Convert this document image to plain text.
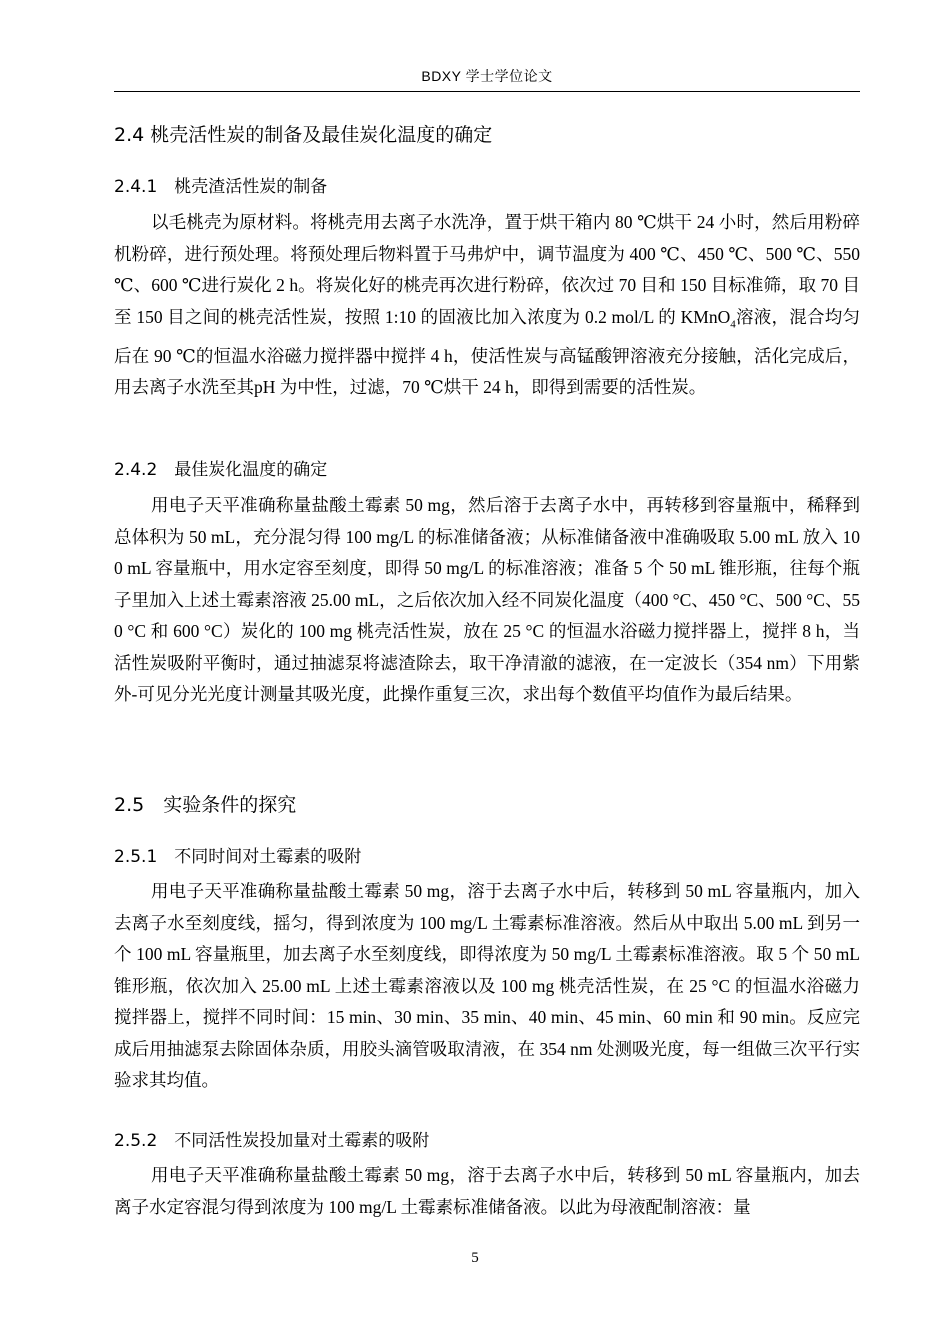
BDXY 学士学位论文
2.4 桃壳活性炭的制备及最佳炭化温度的确定
2.4.1　桃壳渣活性炭的制备
以毛桃壳为原材料。将桃壳用去离子水洗净，置于烘干箱内 80 ℃烘干 24 小时，然后用粉碎机粉碎，进行预处理。将预处理后物料置于马弗炉中，调节温度为 400 ℃、450 ℃、500 ℃、550 ℃、600 ℃进行炭化 2 h。将炭化好的桃壳再次进行粉碎，依次过 70 目和 150 目标准筛，取 70 目至 150 目之间的桃壳活性炭，按照 1:10 的固液比加入浓度为 0.2 mol/L 的 KMnO$_4$溶液，混合均匀后在 90 ℃的恒温水浴磁力搅拌器中搅拌 4 h，使活性炭与高锰酸钾溶液充分接触，活化完成后，用去离子水洗至其pH 为中性，过滤，70 ℃烘干 24 h，即得到需要的活性炭。
2.4.2　最佳炭化温度的确定
用电子天平准确称量盐酸土霉素 50 mg，然后溶于去离子水中，再转移到容量瓶中，稀释到总体积为 50 mL，充分混匀得 100 mg/L 的标准储备液；从标准储备液中准确吸取 5.00 mL 放入 100 mL 容量瓶中，用水定容至刻度，即得 50 mg/L 的标准溶液；准备 5 个 50 mL 锥形瓶，往每个瓶子里加入上述土霉素溶液 25.00 mL，之后依次加入经不同炭化温度（400 °C、450 °C、500 °C、550 °C 和 600 °C）炭化的 100 mg 桃壳活性炭，放在 25 °C 的恒温水浴磁力搅拌器上，搅拌 8 h，当活性炭吸附平衡时，通过抽滤泵将滤渣除去，取干净清澈的滤液，在一定波长（354 nm）下用紫外-可见分光光度计测量其吸光度，此操作重复三次，求出每个数值平均值作为最后结果。
2.5　实验条件的探究
2.5.1　不同时间对土霉素的吸附
用电子天平准确称量盐酸土霉素 50 mg，溶于去离子水中后，转移到 50 mL 容量瓶内，加入去离子水至刻度线，摇匀，得到浓度为 100 mg/L 土霉素标准溶液。然后从中取出 5.00 mL 到另一个 100 mL 容量瓶里，加去离子水至刻度线，即得浓度为 50 mg/L 土霉素标准溶液。取 5 个 50 mL 锥形瓶，依次加入 25.00 mL 上述土霉素溶液以及 100 mg 桃壳活性炭，在 25 °C 的恒温水浴磁力搅拌器上，搅拌不同时间：15 min、30 min、35 min、40 min、45 min、60 min 和 90 min。反应完成后用抽滤泵去除固体杂质，用胶头滴管吸取清液，在 354 nm 处测吸光度，每一组做三次平行实验求其均值。
2.5.2　不同活性炭投加量对土霉素的吸附
用电子天平准确称量盐酸土霉素 50 mg，溶于去离子水中后，转移到 50 mL 容量瓶内，加去离子水定容混匀得到浓度为 100 mg/L 土霉素标准储备液。以此为母液配制溶液：量
5
